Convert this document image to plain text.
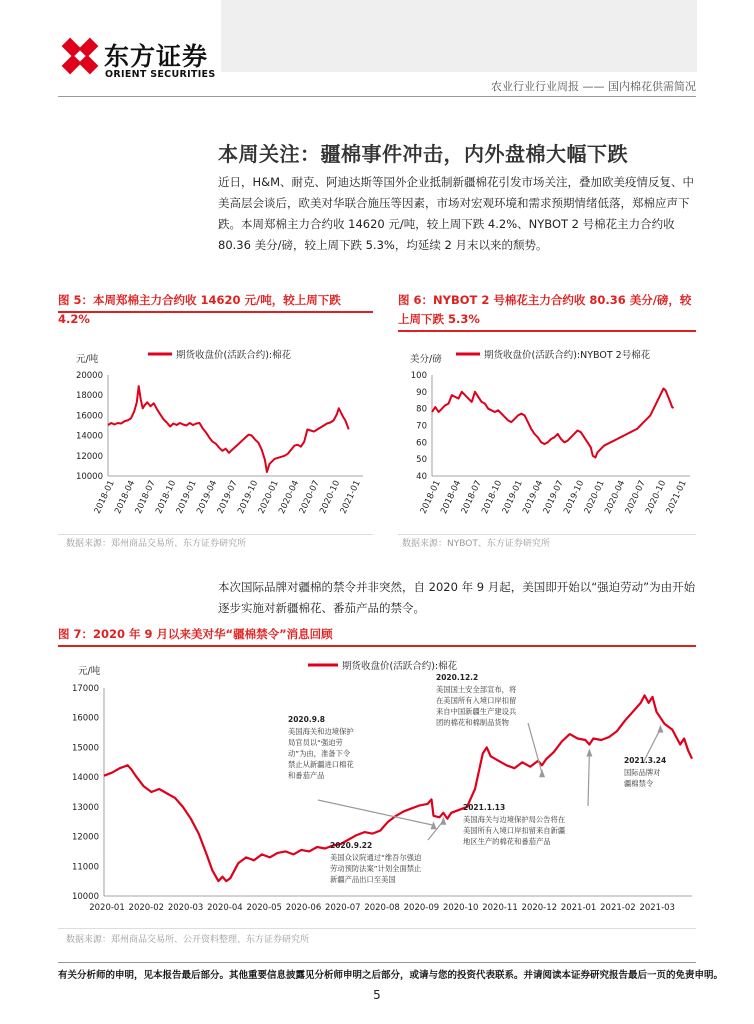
东方证券
ORIENT SECURITIES
农业行业行业周报 —— 国内棉花供需简况
本周关注：疆棉事件冲击，内外盘棉大幅下跌
近日，H&M、耐克、阿迪达斯等国外企业抵制新疆棉花引发市场关注，叠加欧美疫情反复、中美高层会谈后，欧美对华联合施压等因素，市场对宏观环境和需求预期情绪低落，郑棉应声下跌。本周郑棉主力合约收 14620 元/吨，较上周下跌 4.2%、NYBOT 2 号棉花主力合约收 80.36 美分/磅，较上周下跌 5.3%，均延续 2 月末以来的颓势。
图 5：本周郑棉主力合约收 14620 元/吨，较上周下跌 4.2%
元/吨	期货收盘价(活跃合约):棉花
10000
12000
14000
16000
18000
20000
2018-01
2018-04
2018-07
2018-10
2019-01
2019-04
2019-07
2019-10
2020-01
2020-04
2020-07
2020-10
2021-01
数据来源：郑州商品交易所、东方证券研究所
图 6：NYBOT 2 号棉花主力合约收 80.36 美分/磅，较上周下跌 5.3%
美分/磅	期货收盘价(活跃合约):NYBOT 2号棉花
40
50
60
70
80
90
100
2018-01
2018-04
2018-07
2018-10
2019-01
2019-04
2019-07
2019-10
2020-01
2020-04
2020-07
2020-10
2021-01
数据来源：NYBOT、东方证券研究所
本次国际品牌对疆棉的禁令并非突然，自 2020 年 9 月起，美国即开始以“强迫劳动”为由开始逐步实施对新疆棉花、番茄产品的禁令。
图 7：2020 年 9 月以来美对华“疆棉禁令”消息回顾
元/吨	期货收盘价(活跃合约):棉花
10000
11000
12000
13000
14000
15000
16000
17000
2020-01 2020-02 2020-03 2020-04 2020-05 2020-06 2020-07 2020-08 2020-09 2020-10 2020-11 2020-12 2021-01 2021-02 2021-03
2020.9.8
美国海关和边境保护
局官员以“强迫劳
动”为由，准备下令
禁止从新疆进口棉花
和番茄产品
2020.9.22
美国众议院通过“维吾尔强迫
劳动预防法案”计划全面禁止
新疆产品出口至美国
2020.12.2
美国国土安全部宣布，将
在美国所有入境口岸扣留
来自中国新疆生产建设兵
团的棉花和棉制品货物
2021.1.13
美国海关与边境保护局公告将在
美国所有入境口岸扣留来自新疆
地区生产的棉花和番茄产品
2021.3.24
国际品牌对
疆棉禁令
数据来源：郑州商品交易所、公开资料整理、东方证券研究所
有关分析师的申明，见本报告最后部分。其他重要信息披露见分析师申明之后部分，或请与您的投资代表联系。并请阅读本证券研究报告最后一页的免责申明。
5
